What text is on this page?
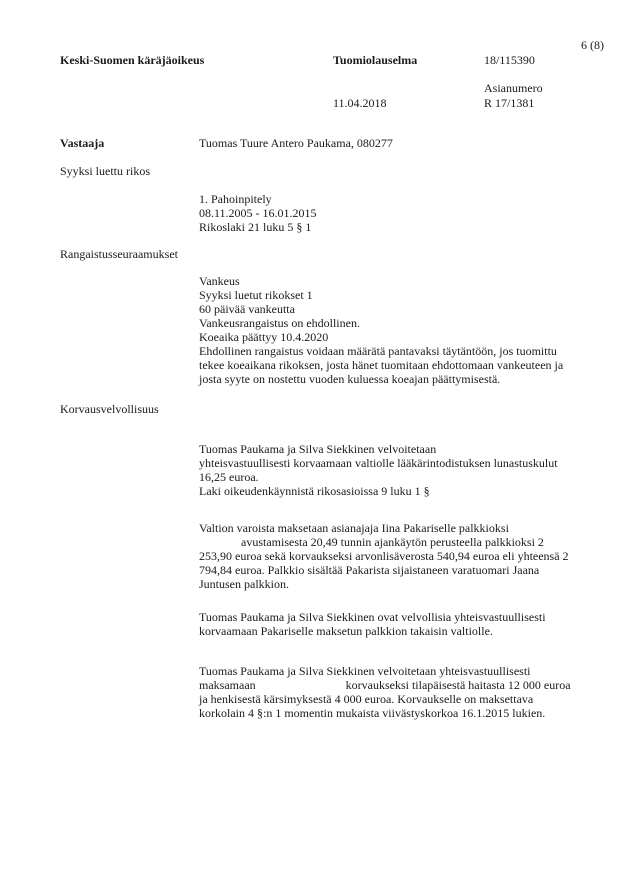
6 (8)
Keski-Suomen käräjäoikeus	Tuomiolauselma	18/115390
Asianumero
11.04.2018	R 17/1381
Vastaaja	Tuomas Tuure Antero Paukama, 080277
Syyksi luettu rikos
1. Pahoinpitely
08.11.2005 - 16.01.2015
Rikoslaki 21 luku 5 § 1
Rangaistusseuraamukset
Vankeus
Syyksi luetut rikokset 1
60 päivää vankeutta
Vankeusrangaistus on ehdollinen.
Koeaika päättyy 10.4.2020
Ehdollinen rangaistus voidaan määrätä pantavaksi täytäntöön, jos tuomittu
tekee koeaikana rikoksen, josta hänet tuomitaan ehdottomaan vankeuteen ja
josta syyte on nostettu vuoden kuluessa koeajan päättymisestä.
Korvausvelvollisuus
Tuomas Paukama ja Silva Siekkinen velvoitetaan
yhteisvastuullisesti korvaamaan valtiolle lääkärintodistuksen lunastuskulut
16,25 euroa.
Laki oikeudenkäynnistä rikosasioissa 9 luku 1 §
Valtion varoista maksetaan asianajaja Iina Pakariselle palkkioksi
avustamisesta 20,49 tunnin ajankäytön perusteella palkkioksi 2
253,90 euroa sekä korvaukseksi arvonlisäverosta 540,94 euroa eli yhteensä 2
794,84 euroa. Palkkio sisältää Pakarista sijaistaneen varatuomari Jaana
Juntusen palkkion.
Tuomas Paukama ja Silva Siekkinen ovat velvollisia yhteisvastuullisesti
korvaamaan Pakariselle maksetun palkkion takaisin valtiolle.
Tuomas Paukama ja Silva Siekkinen velvoitetaan yhteisvastuullisesti
maksamaan                              korvaukseksi tilapäisestä haitasta 12 000 euroa
ja henkisestä kärsimyksestä 4 000 euroa. Korvaukselle on maksettava
korkolain 4 §:n 1 momentin mukaista viivästyskorkoa 16.1.2015 lukien.
